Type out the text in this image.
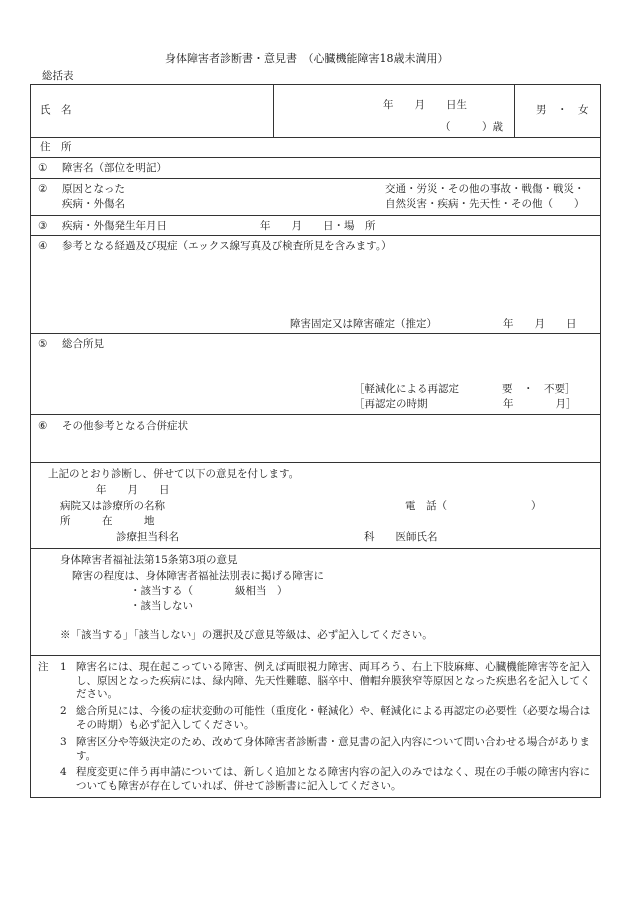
身体障害者診断書・意見書　（心臓機能障害18歳未満用）
総括表
氏　名	年　　月　　日生
（　　　）歳
男　・　女
住　所
① 障害名（部位を明記）
② 原因となった
疾病・外傷名
交通・労災・その他の事故・戦傷・戦災・
自然災害・疾病・先天性・その他（　　）
③ 疾病・外傷発生年月日	年　　月　　日・場　所
④ 参考となる経過及び現症（エックス線写真及び検査所見を含みます。）
障害固定又は障害確定（推定）	年　　月　　日
⑤ 総合所見
［軽減化による再認定	要　・　不要］
［再認定の時期	年　　　　月］
⑥ その他参考となる合併症状
上記のとおり診断し、併せて以下の意見を付します。
年　　月　　日
病院又は診療所の名称	電　話（　　　　　　　　）
所　　　在　　　地
診療担当科名	科　　医師氏名
身体障害者福祉法第15条第3項の意見
障害の程度は、身体障害者福祉法別表に掲げる障害に
・該当する（　　　　級相当　）
・該当しない
※「該当する」「該当しない」の選択及び意見等級は、必ず記入してください。
注 1 障害名には、現在起こっている障害、例えば両眼視力障害、両耳ろう、右上下肢麻痺、心臓機能障害等を記入し、原因となった疾病には、緑内障、先天性難聴、脳卒中、僧帽弁膜狭窄等原因となった疾患名を記入してください。
2 総合所見には、今後の症状変動の可能性（重度化・軽減化）や、軽減化による再認定の必要性（必要な場合はその時期）も必ず記入してください。
3 障害区分や等級決定のため、改めて身体障害者診断書・意見書の記入内容について問い合わせる場合があります。
4 程度変更に伴う再申請については、新しく追加となる障害内容の記入のみではなく、現在の手帳の障害内容についても障害が存在していれば、併せて診断書に記入してください。
